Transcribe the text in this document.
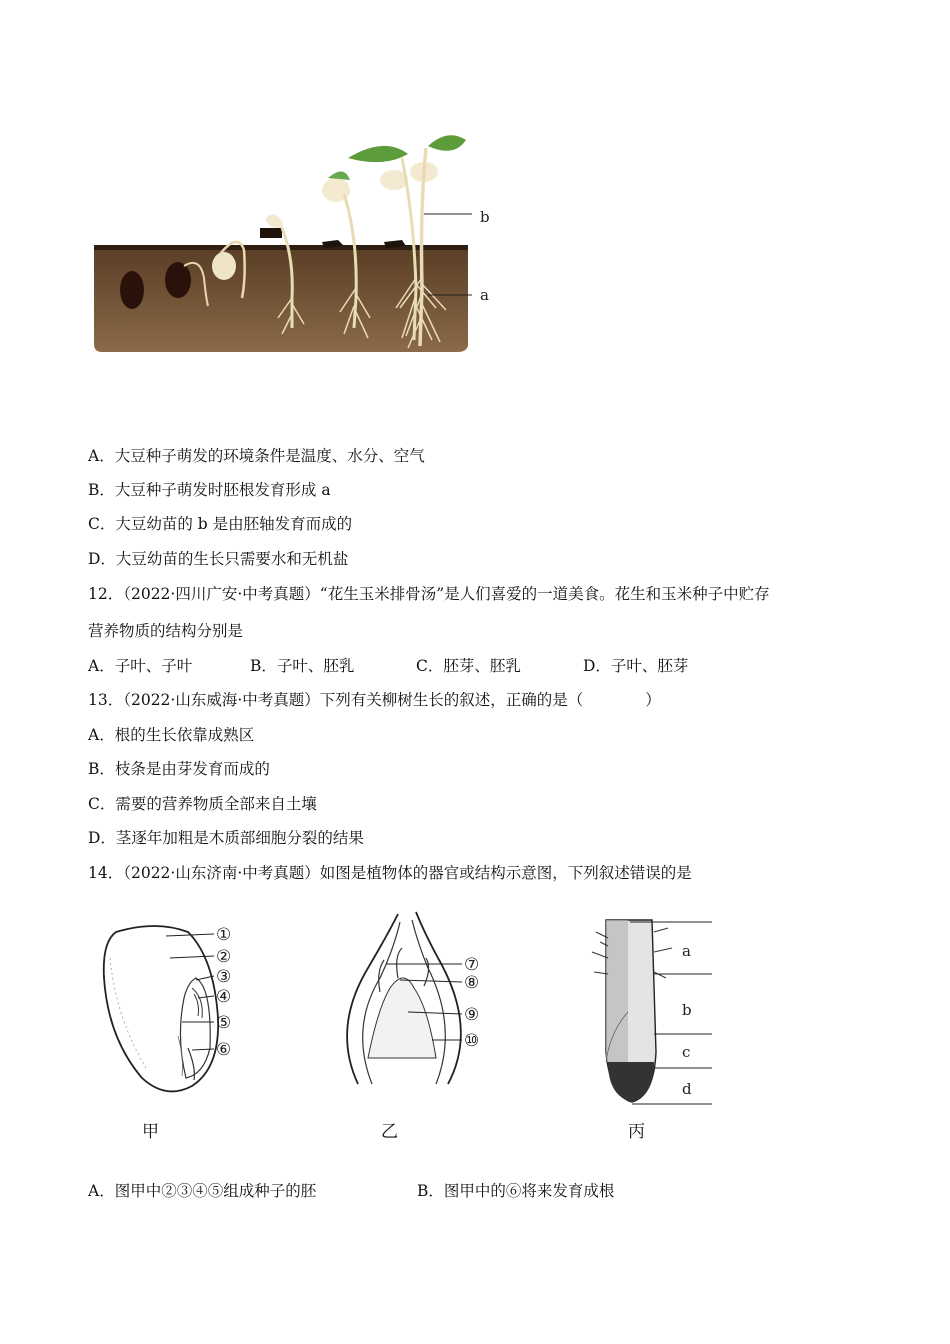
b
a
A．大豆种子萌发的环境条件是温度、水分、空气
B．大豆种子萌发时胚根发育形成 a
C．大豆幼苗的 b 是由胚轴发育而成的
D．大豆幼苗的生长只需要水和无机盐
12．（2022·四川广安·中考真题）“花生玉米排骨汤”是人们喜爱的一道美食。花生和玉米种子中贮存
营养物质的结构分别是
A．子叶、子叶	B．子叶、胚乳	C．胚芽、胚乳	D．子叶、胚芽
13．（2022·山东威海·中考真题）下列有关柳树生长的叙述，正确的是（　　　　）
A．根的生长依靠成熟区
B．枝条是由芽发育而成的
C．需要的营养物质全部来自土壤
D．茎逐年加粗是木质部细胞分裂的结果
14．（2022·山东济南·中考真题）如图是植物体的器官或结构示意图，下列叙述错误的是
①
②
③
④
⑤
⑥
甲
⑦
⑧
⑨
⑩
乙
a
b
c
d
丙
A．图甲中②③④⑤组成种子的胚	B．图甲中的⑥将来发育成根
